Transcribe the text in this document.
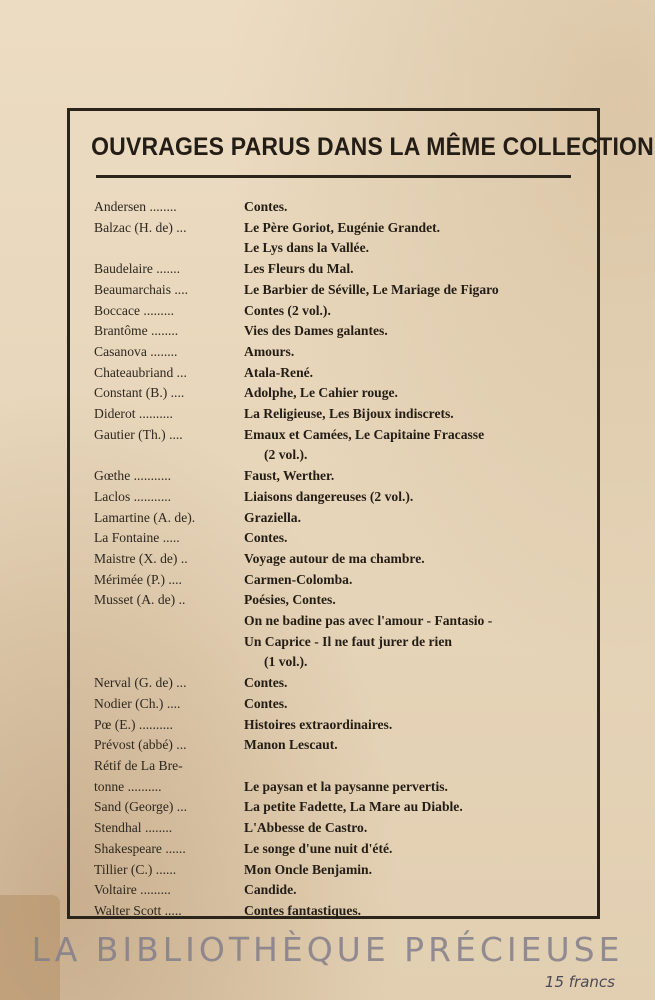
OUVRAGES PARUS DANS LA MÊME COLLECTION
Andersen ........	Contes.
Balzac (H. de) ...	Le Père Goriot, Eugénie Grandet.
Le Lys dans la Vallée.
Baudelaire .......	Les Fleurs du Mal.
Beaumarchais ....	Le Barbier de Séville, Le Mariage de Figaro
Boccace .........	Contes (2 vol.).
Brantôme ........	Vies des Dames galantes.
Casanova ........	Amours.
Chateaubriand ...	Atala-René.
Constant (B.) ....	Adolphe, Le Cahier rouge.
Diderot ..........	La Religieuse, Les Bijoux indiscrets.
Gautier (Th.) ....	Emaux et Camées, Le Capitaine Fracasse
(2 vol.).
Gœthe ...........	Faust, Werther.
Laclos ...........	Liaisons dangereuses (2 vol.).
Lamartine (A. de).	Graziella.
La Fontaine .....	Contes.
Maistre (X. de) ..	Voyage autour de ma chambre.
Mérimée (P.) ....	Carmen-Colomba.
Musset (A. de) ..	Poésies, Contes.
On ne badine pas avec l'amour - Fantasio -
Un Caprice - Il ne faut jurer de rien
(1 vol.).
Nerval (G. de) ...	Contes.
Nodier (Ch.) ....	Contes.
Pœ (E.) ..........	Histoires extraordinaires.
Prévost (abbé) ...	Manon Lescaut.
Rétif de La Bre-

tonne ..........	Le paysan et la paysanne pervertis.
Sand (George) ...	La petite Fadette, La Mare au Diable.
Stendhal ........	L'Abbesse de Castro.
Shakespeare ......	Le songe d'une nuit d'été.
Tillier (C.) ......	Mon Oncle Benjamin.
Voltaire .........	Candide.
Walter Scott .....	Contes fantastiques.
LA BIBLIOTHÈQUE PRÉCIEUSE
15 francs
